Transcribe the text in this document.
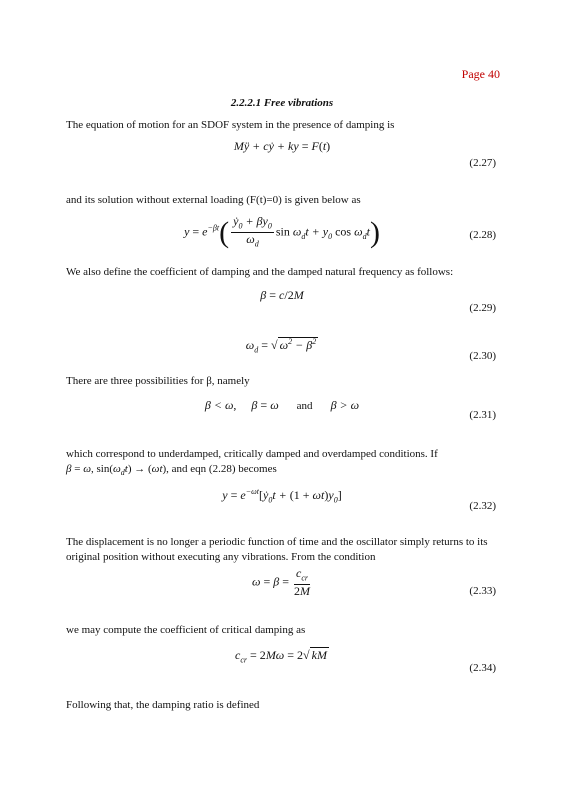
Page 40
2.2.2.1 Free vibrations
The equation of motion for an SDOF system in the presence of damping is
Mÿ + cẏ + ky = F(t)
(2.27)
and its solution without external loading (F(t)=0) is given below as
$y = e^{-\beta t}( \frac{ẏ_0 + \beta y_0}{\omega_d}$ $\sin \omega_dt + y_0$ $\cos \omega_dt$)	(2.28)
We also define the coefficient of damping and the damped natural frequency as follows:
β = c/2M
(2.29)
$\omega_d$ = √ $\omega^2 - \beta^2$
(2.30)
There are three possibilities for β, namely
β < ω,     β = ω      and      β > ω
(2.31)
which correspond to underdamped, critically damped and overdamped conditions. If
β = ω, $\sin(\omega_dt) \to (\omega t)$, and eqn (2.28) becomes
$y = e^{-\omega t}[ẏ_0t + (1 + \omega t)y_0]$
(2.32)
The displacement is no longer a periodic function of time and the oscillator simply returns to its original position without executing any vibrations. From the condition
$\omega = \beta = \frac{c_{cr}}{2M}$	(2.33)
we may compute the coefficient of critical damping as
$c_{cr} = 2M\omega = 2√$ kM
(2.34)
Following that, the damping ratio is defined
